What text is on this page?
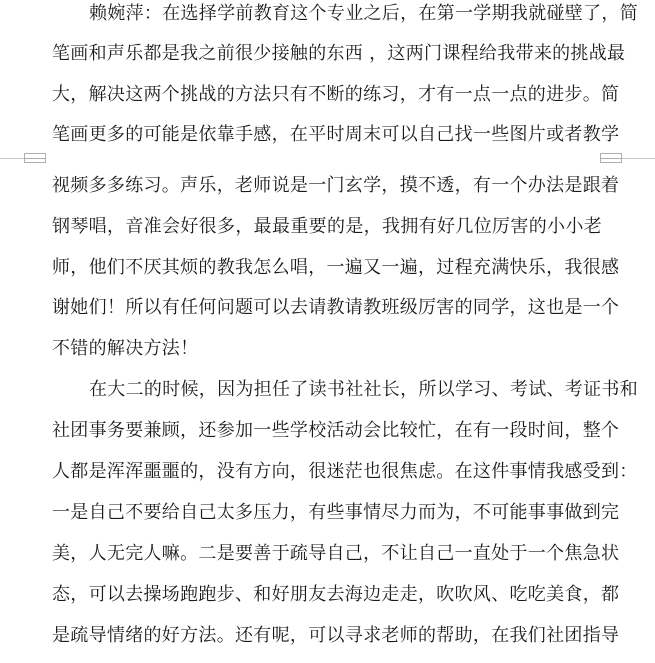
赖婉萍：在选择学前教育这个专业之后，在第一学期我就碰壁了，简
笔画和声乐都是我之前很少接触的东西 ，这两门课程给我带来的挑战最
大，解决这两个挑战的方法只有不断的练习，才有一点一点的进步。简
笔画更多的可能是依靠手感，在平时周末可以自己找一些图片或者教学
视频多多练习。声乐，老师说是一门玄学，摸不透，有一个办法是跟着
钢琴唱，音准会好很多，最最重要的是，我拥有好几位厉害的小小老
师，他们不厌其烦的教我怎么唱，一遍又一遍，过程充满快乐，我很感
谢她们！所以有任何问题可以去请教请教班级厉害的同学，这也是一个
不错的解决方法！
在大二的时候，因为担任了读书社社长，所以学习、考试、考证书和
社团事务要兼顾，还参加一些学校活动会比较忙，在有一段时间，整个
人都是浑浑噩噩的，没有方向，很迷茫也很焦虑。在这件事情我感受到：
一是自己不要给自己太多压力，有些事情尽力而为，不可能事事做到完
美，人无完人嘛。二是要善于疏导自己，不让自己一直处于一个焦急状
态，可以去操场跑跑步、和好朋友去海边走走，吹吹风、吃吃美食，都
是疏导情绪的好方法。还有呢，可以寻求老师的帮助，在我们社团指导
